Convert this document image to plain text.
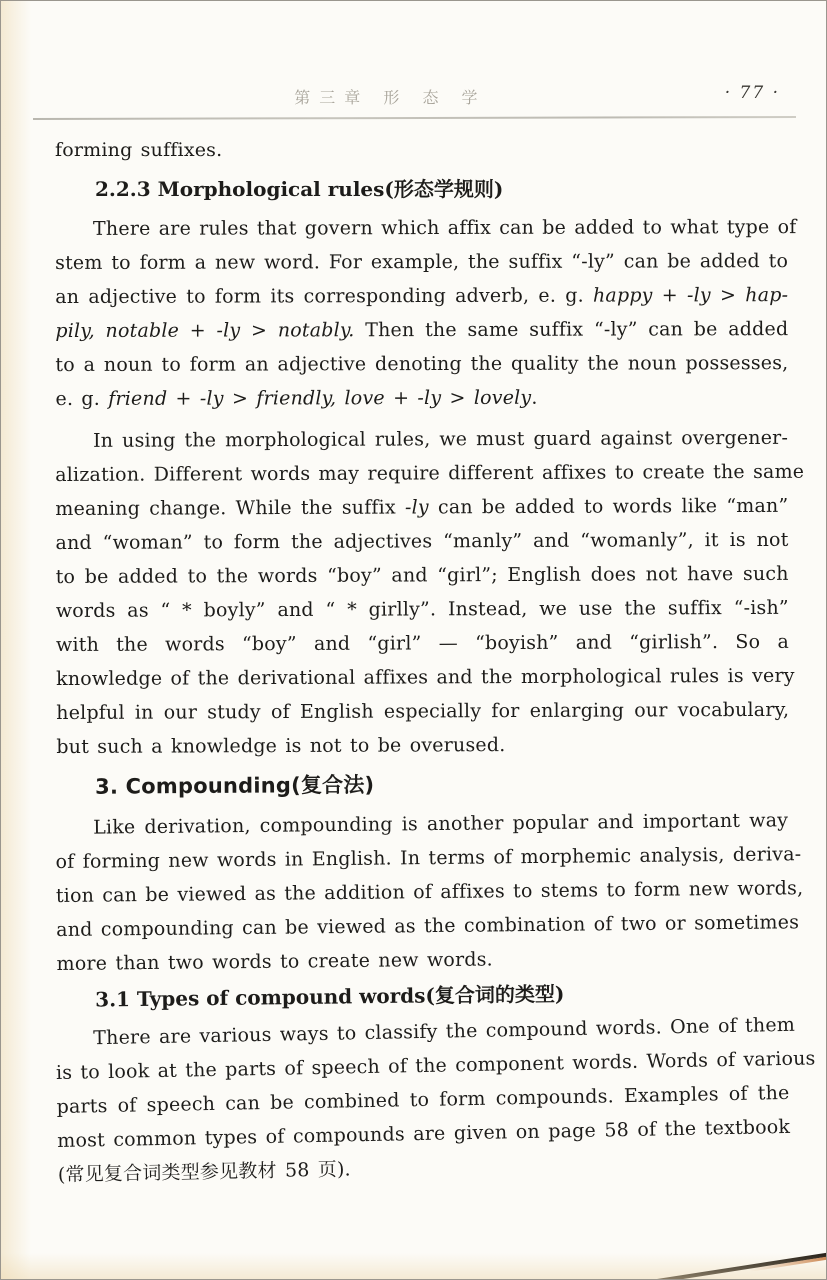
第三章 形 态 学	· 77 ·
forming suffixes.
2.2.3 Morphological rules(形态学规则)
There are rules that govern which affix can be added to what type of
stem to form a new word. For example, the suffix “-ly” can be added to
an adjective to form its corresponding adverb, e. g. happy + -ly > hap-
pily, notable + -ly > notably. Then the same suffix “-ly” can be added
to a noun to form an adjective denoting the quality the noun possesses,
e. g. friend + -ly > friendly, love + -ly > lovely.
In using the morphological rules, we must guard against overgener-
alization. Different words may require different affixes to create the same
meaning change. While the suffix -ly can be added to words like “man”
and “woman” to form the adjectives “manly” and “womanly”, it is not
to be added to the words “boy” and “girl”; English does not have such
words as “ * boyly” and “ * girlly”. Instead, we use the suffix “-ish”
with the words “boy” and “girl” — “boyish” and “girlish”. So a
knowledge of the derivational affixes and the morphological rules is very
helpful in our study of English especially for enlarging our vocabulary,
but such a knowledge is not to be overused.
3. Compounding(复合法)
Like derivation, compounding is another popular and important way
of forming new words in English. In terms of morphemic analysis, deriva-
tion can be viewed as the addition of affixes to stems to form new words,
and compounding can be viewed as the combination of two or sometimes
more than two words to create new words.
3.1 Types of compound words(复合词的类型)
There are various ways to classify the compound words. One of them
is to look at the parts of speech of the component words. Words of various
parts of speech can be combined to form compounds. Examples of the
most common types of compounds are given on page 58 of the textbook
(常见复合词类型参见教材 58 页).
